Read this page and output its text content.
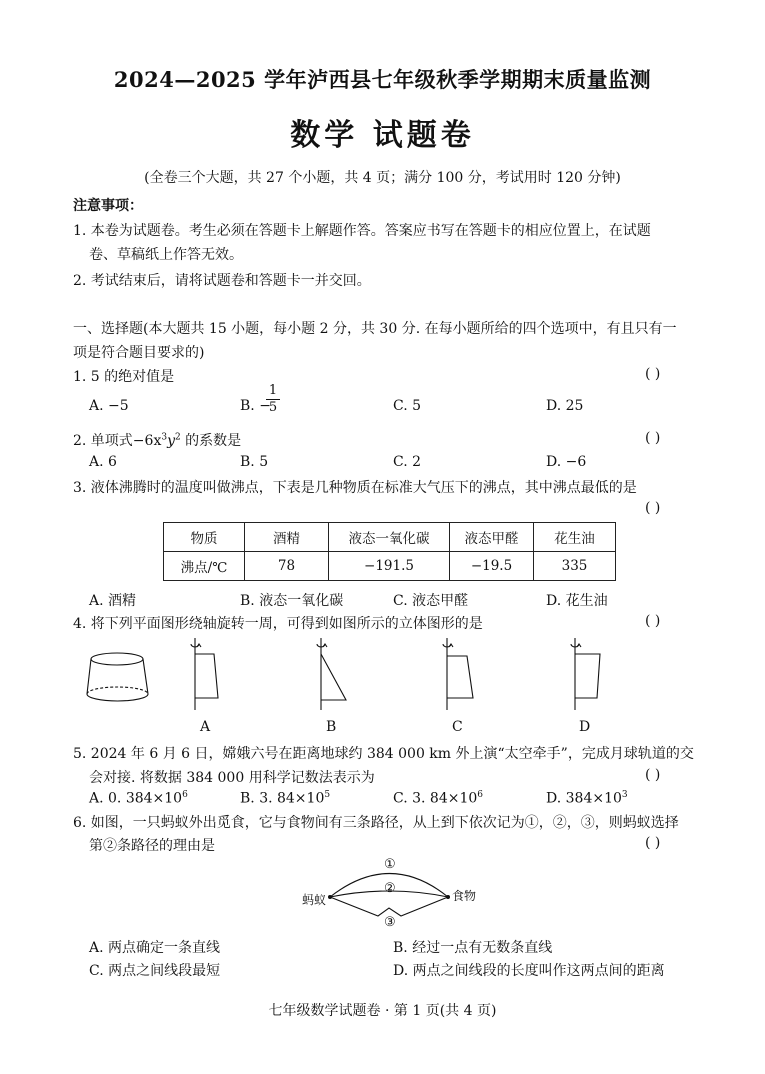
2024—2025 学年泸西县七年级秋季学期期末质量监测
数学 试题卷
(全卷三个大题，共 27 个小题，共 4 页；满分 100 分，考试用时 120 分钟)
注意事项：
1. 本卷为试题卷。考生必须在答题卡上解题作答。答案应书写在答题卡的相应位置上，在试题
卷、草稿纸上作答无效。
2. 考试结束后，请将试题卷和答题卡一并交回。
一、选择题(本大题共 15 小题，每小题 2 分，共 30 分. 在每小题所给的四个选项中，有且只有一
项是符合题目要求的)
1. 5 的绝对值是	( )
A. −5	B. −
$\frac{1}{5}$	C. 5	D. 25
2. 单项式$-6x^3y^2$ 的系数是	( )
A. 6	B. 5	C. 2	D. −6
3. 液体沸腾时的温度叫做沸点，下表是几种物质在标准大气压下的沸点，其中沸点最低的是
( )
物质	酒精	液态一氧化碳	液态甲醛	花生油
沸点/℃	78	−191.5	−19.5	335
A. 酒精	B. 液态一氧化碳	C. 液态甲醛	D. 花生油
4. 将下列平面图形绕轴旋转一周，可得到如图所示的立体图形的是	( )
A	B	C	D
5. 2024 年 6 月 6 日，嫦娥六号在距离地球约 384 000 km 外上演“太空牵手”，完成月球轨道的交
会对接. 将数据 384 000 用科学记数法表示为	( )
A. 0. $384\times 10^6$	B. 3. $84\times 10^5$	C. 3. $84\times 10^6$	D. $384\times 10^3$
6. 如图，一只蚂蚁外出觅食，它与食物间有三条路径，从上到下依次记为①，②，③，则蚂蚁选择
第②条路径的理由是	( )
①
②
③
蚂蚁	食物
A. 两点确定一条直线	B. 经过一点有无数条直线
C. 两点之间线段最短	D. 两点之间线段的长度叫作这两点间的距离
七年级数学试题卷 · 第 1 页(共 4 页)
